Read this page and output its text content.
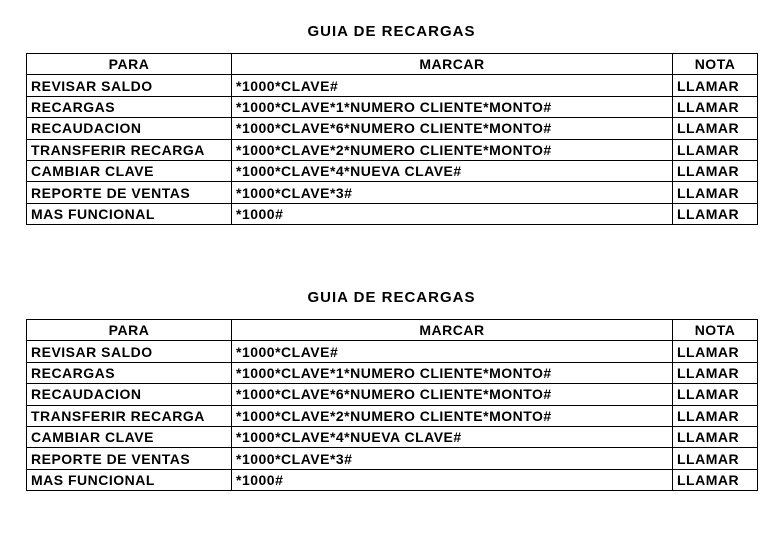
GUIA DE RECARGAS
PARA	MARCAR	NOTA
REVISAR SALDO	*1000*CLAVE#	LLAMAR
RECARGAS	*1000*CLAVE*1*NUMERO CLIENTE*MONTO#	LLAMAR
RECAUDACION	*1000*CLAVE*6*NUMERO CLIENTE*MONTO#	LLAMAR
TRANSFERIR RECARGA	*1000*CLAVE*2*NUMERO CLIENTE*MONTO#	LLAMAR
CAMBIAR CLAVE	*1000*CLAVE*4*NUEVA CLAVE#	LLAMAR
REPORTE DE VENTAS	*1000*CLAVE*3#	LLAMAR
MAS FUNCIONAL	*1000#	LLAMAR
GUIA DE RECARGAS
PARA	MARCAR	NOTA
REVISAR SALDO	*1000*CLAVE#	LLAMAR
RECARGAS	*1000*CLAVE*1*NUMERO CLIENTE*MONTO#	LLAMAR
RECAUDACION	*1000*CLAVE*6*NUMERO CLIENTE*MONTO#	LLAMAR
TRANSFERIR RECARGA	*1000*CLAVE*2*NUMERO CLIENTE*MONTO#	LLAMAR
CAMBIAR CLAVE	*1000*CLAVE*4*NUEVA CLAVE#	LLAMAR
REPORTE DE VENTAS	*1000*CLAVE*3#	LLAMAR
MAS FUNCIONAL	*1000#	LLAMAR
